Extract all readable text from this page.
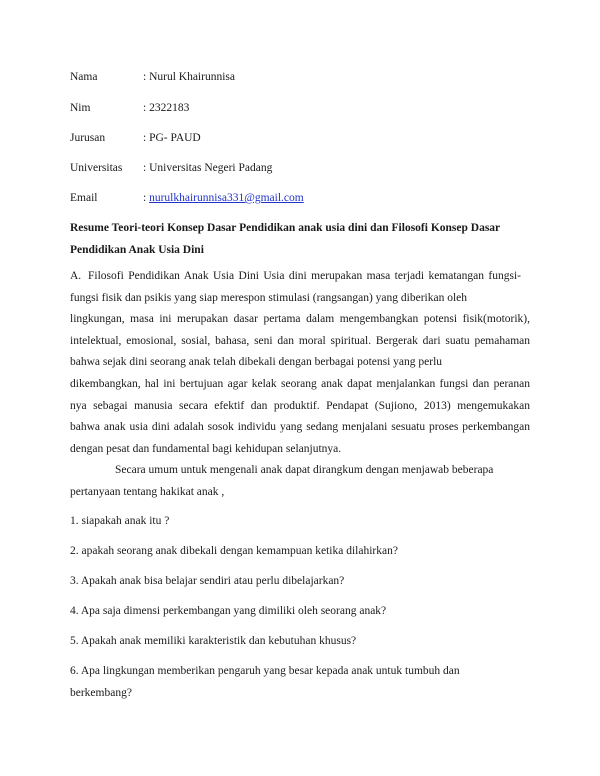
Nama	: Nurul Khairunnisa
Nim	: 2322183
Jurusan	: PG- PAUD
Universitas : Universitas Negeri Padang
Email	: nurulkhairunnisa331@gmail.com
Resume Teori-teori Konsep Dasar Pendidikan anak usia dini dan Filosofi Konsep Dasar
Pendidikan Anak Usia Dini
A. Filosofi Pendidikan Anak Usia Dini Usia dini merupakan masa terjadi kematangan fungsi-
fungsi fisik dan psikis yang siap merespon stimulasi (rangsangan) yang diberikan oleh
lingkungan, masa ini merupakan dasar pertama dalam mengembangkan potensi fisik(motorik),
intelektual, emosional, sosial, bahasa, seni dan moral spiritual. Bergerak dari suatu pemahaman
bahwa sejak dini seorang anak telah dibekali dengan berbagai potensi yang perlu
dikembangkan, hal ini bertujuan agar kelak seorang anak dapat menjalankan fungsi dan peranan
nya sebagai manusia secara efektif dan produktif. Pendapat (Sujiono, 2013) mengemukakan
bahwa anak usia dini adalah sosok individu yang sedang menjalani sesuatu proses perkembangan
dengan pesat dan fundamental bagi kehidupan selanjutnya.
Secara umum untuk mengenali anak dapat dirangkum dengan menjawab beberapa
pertanyaan tentang hakikat anak ,
1. siapakah anak itu ?
2. apakah seorang anak dibekali dengan kemampuan ketika dilahirkan?
3. Apakah anak bisa belajar sendiri atau perlu dibelajarkan?
4. Apa saja dimensi perkembangan yang dimiliki oleh seorang anak?
5. Apakah anak memiliki karakteristik dan kebutuhan khusus?
6. Apa lingkungan memberikan pengaruh yang besar kepada anak untuk tumbuh dan
berkembang?
